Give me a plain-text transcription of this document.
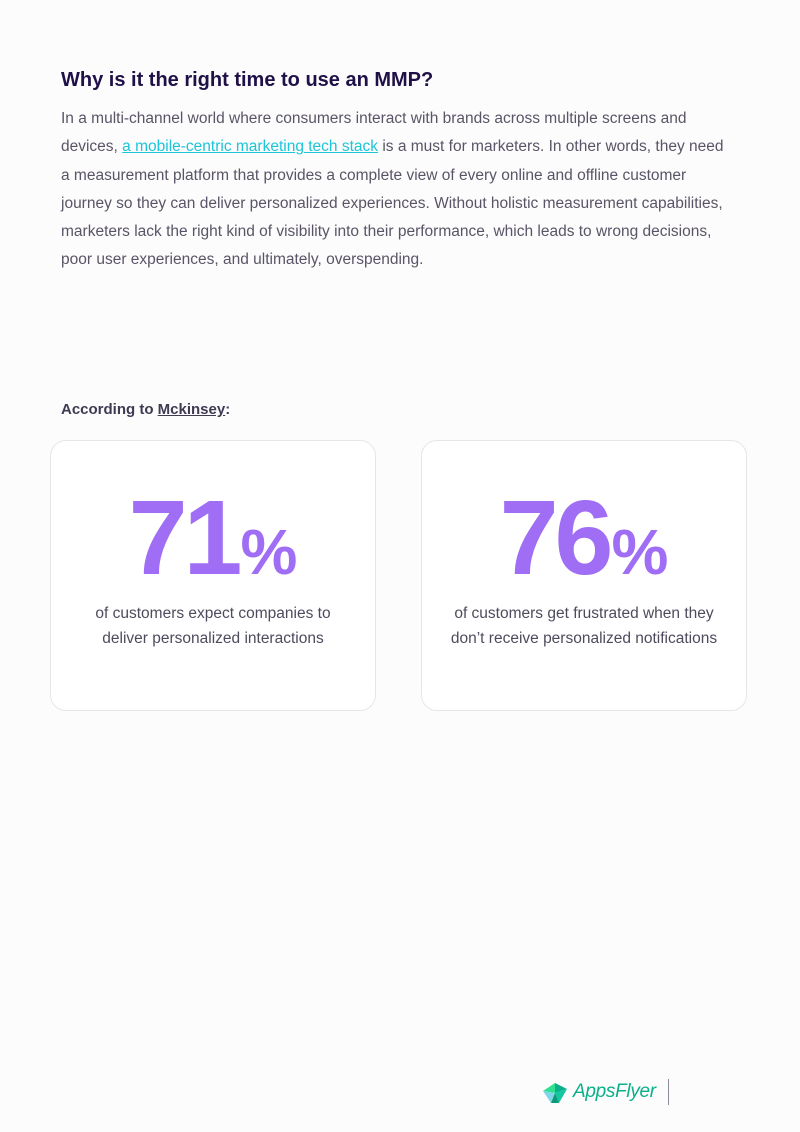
Why is it the right time to use an MMP?

In a multi-channel world where consumers interact with brands across multiple screens and devices, a mobile-centric marketing tech stack is a must for marketers. In other words, they need a measurement platform that provides a complete view of every online and offline customer journey so they can deliver personalized experiences. Without holistic measurement capabilities, marketers lack the right kind of visibility into their performance, which leads to wrong decisions, poor user experiences, and ultimately, overspending.

According to Mckinsey:

71%

of customers expect companies to deliver personalized interactions

76%

of customers get frustrated when they don’t receive personalized notifications

AppsFlyer
